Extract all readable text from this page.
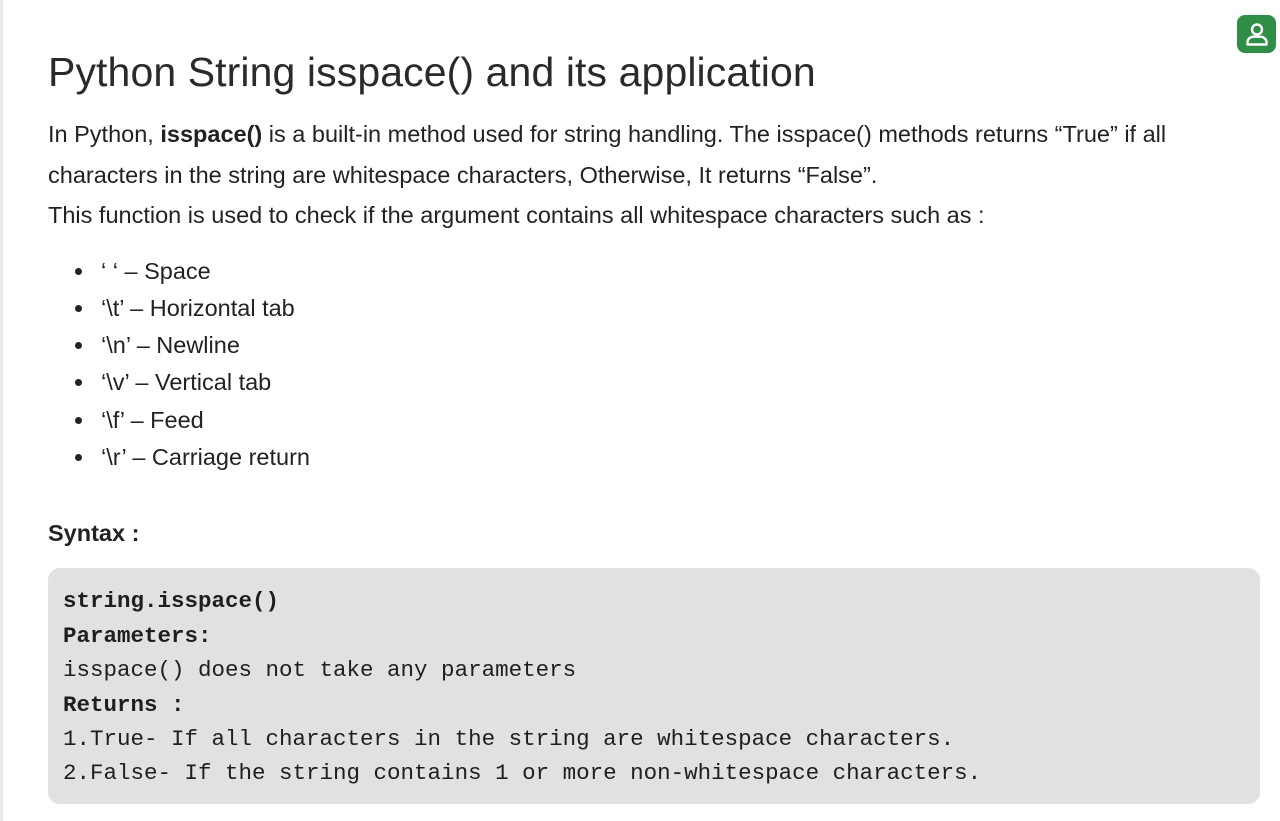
Python String isspace() and its application

In Python, isspace() is a built-in method used for string handling. The isspace() methods returns “True” if all characters in the string are whitespace characters, Otherwise, It returns “False”.
This function is used to check if the argument contains all whitespace characters such as :

‘ ‘ – Space
‘\t’ – Horizontal tab
‘\n’ – Newline
‘\v’ – Vertical tab
‘\f’ – Feed
‘\r’ – Carriage return
Syntax :
string.isspace()
Parameters:
isspace() does not take any parameters
Returns :
1.True- If all characters in the string are whitespace characters.
2.False- If the string contains 1 or more non-whitespace characters.
